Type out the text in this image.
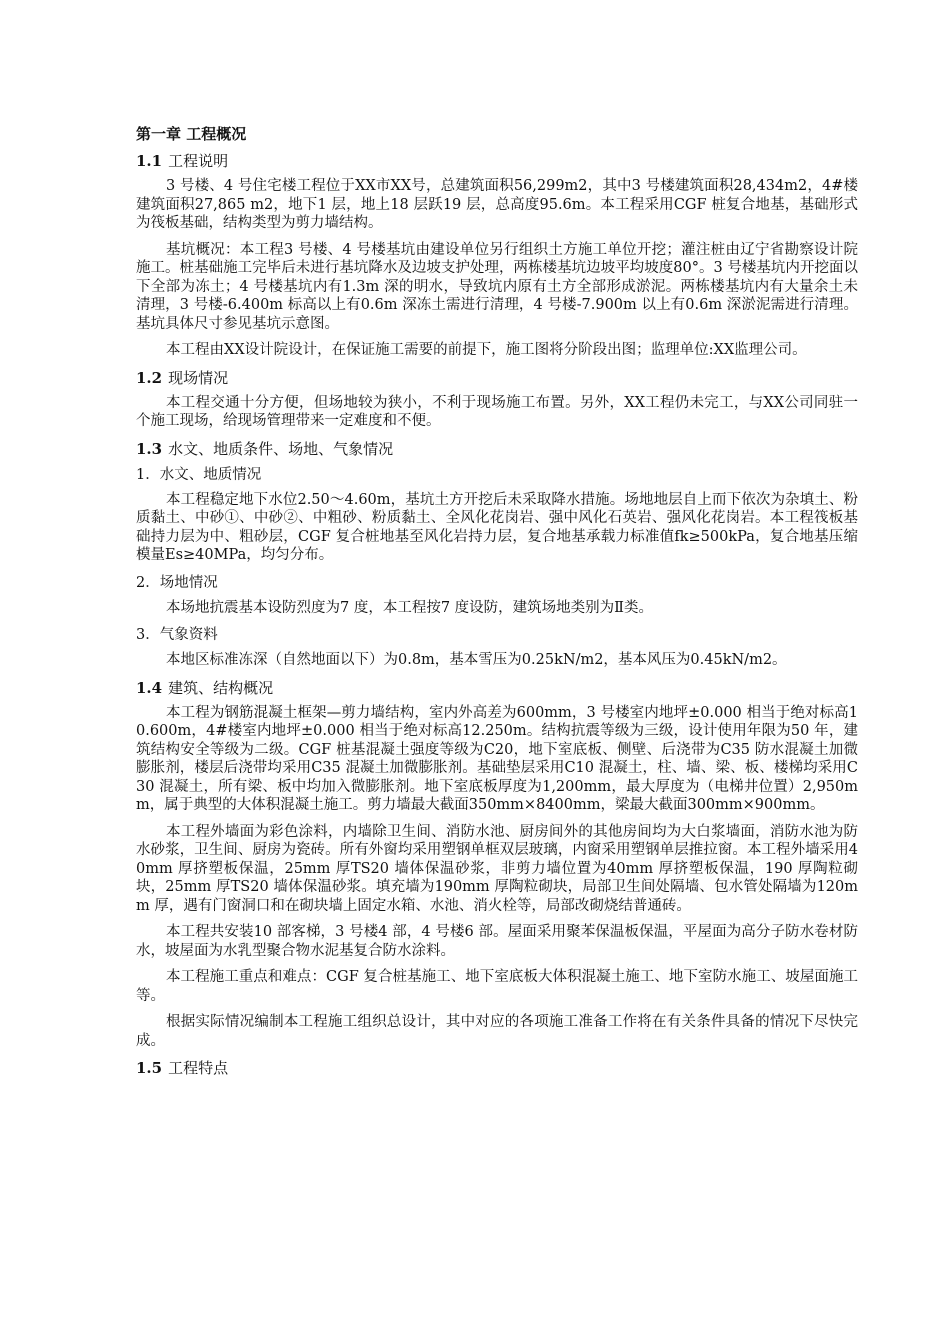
第一章 工程概况
1.1 工程说明
3 号楼、4 号住宅楼工程位于XX市XX号，总建筑面积56,299m2，其中3 号楼建筑面积28,434m2，4#楼建筑面积27,865 m2，地下1 层，地上18 层跃19 层，总高度95.6m。本工程采用CGF 桩复合地基，基础形式为筏板基础，结构类型为剪力墙结构。
基坑概况：本工程3 号楼、4 号楼基坑由建设单位另行组织土方施工单位开挖；灌注桩由辽宁省勘察设计院施工。桩基础施工完毕后未进行基坑降水及边坡支护处理，两栋楼基坑边坡平均坡度80°。3 号楼基坑内开挖面以下全部为冻土；4 号楼基坑内有1.3m 深的明水，导致坑内原有土方全部形成淤泥。两栋楼基坑内有大量余土未清理，3 号楼-6.400m 标高以上有0.6m 深冻土需进行清理，4 号楼-7.900m 以上有0.6m 深淤泥需进行清理。基坑具体尺寸参见基坑示意图。
本工程由XX设计院设计，在保证施工需要的前提下，施工图将分阶段出图；监理单位:XX监理公司。
1.2 现场情况
本工程交通十分方便，但场地较为狭小，不利于现场施工布置。另外，XX工程仍未完工，与XX公司同驻一个施工现场，给现场管理带来一定难度和不便。
1.3 水文、地质条件、场地、气象情况
1．水文、地质情况
本工程稳定地下水位2.50～4.60m，基坑土方开挖后未采取降水措施。场地地层自上而下依次为杂填土、粉质黏土、中砂①、中砂②、中粗砂、粉质黏土、全风化花岗岩、强中风化石英岩、强风化花岗岩。本工程筏板基础持力层为中、粗砂层，CGF 复合桩地基至风化岩持力层，复合地基承载力标准值fk≥500kPa，复合地基压缩模量Es≥40MPa，均匀分布。
2．场地情况
本场地抗震基本设防烈度为7 度，本工程按7 度设防，建筑场地类别为Ⅱ类。
3．气象资料
本地区标准冻深（自然地面以下）为0.8m，基本雪压为0.25kN/m2，基本风压为0.45kN/m2。
1.4 建筑、结构概况
本工程为钢筋混凝土框架—剪力墙结构，室内外高差为600mm，3 号楼室内地坪±0.000 相当于绝对标高10.600m，4#楼室内地坪±0.000 相当于绝对标高12.250m。结构抗震等级为三级，设计使用年限为50 年，建筑结构安全等级为二级。CGF 桩基混凝土强度等级为C20，地下室底板、侧壁、后浇带为C35 防水混凝土加微膨胀剂，楼层后浇带均采用C35 混凝土加微膨胀剂。基础垫层采用C10 混凝土，柱、墙、梁、板、楼梯均采用C30 混凝土，所有梁、板中均加入微膨胀剂。地下室底板厚度为1,200mm，最大厚度为（电梯井位置）2,950mm，属于典型的大体积混凝土施工。剪力墙最大截面350mm×8400mm，梁最大截面300mm×900mm。
本工程外墙面为彩色涂料，内墙除卫生间、消防水池、厨房间外的其他房间均为大白浆墙面，消防水池为防水砂浆，卫生间、厨房为瓷砖。所有外窗均采用塑钢单框双层玻璃，内窗采用塑钢单层推拉窗。本工程外墙采用40mm 厚挤塑板保温，25mm 厚TS20 墙体保温砂浆，非剪力墙位置为40mm 厚挤塑板保温，190 厚陶粒砌块，25mm 厚TS20 墙体保温砂浆。填充墙为190mm 厚陶粒砌块，局部卫生间处隔墙、包水管处隔墙为120mm 厚，遇有门窗洞口和在砌块墙上固定水箱、水池、消火栓等，局部改砌烧结普通砖。
本工程共安装10 部客梯，3 号楼4 部，4 号楼6 部。屋面采用聚苯保温板保温，平屋面为高分子防水卷材防水，坡屋面为水乳型聚合物水泥基复合防水涂料。
本工程施工重点和难点：CGF 复合桩基施工、地下室底板大体积混凝土施工、地下室防水施工、坡屋面施工等。
根据实际情况编制本工程施工组织总设计，其中对应的各项施工准备工作将在有关条件具备的情况下尽快完成。
1.5 工程特点
